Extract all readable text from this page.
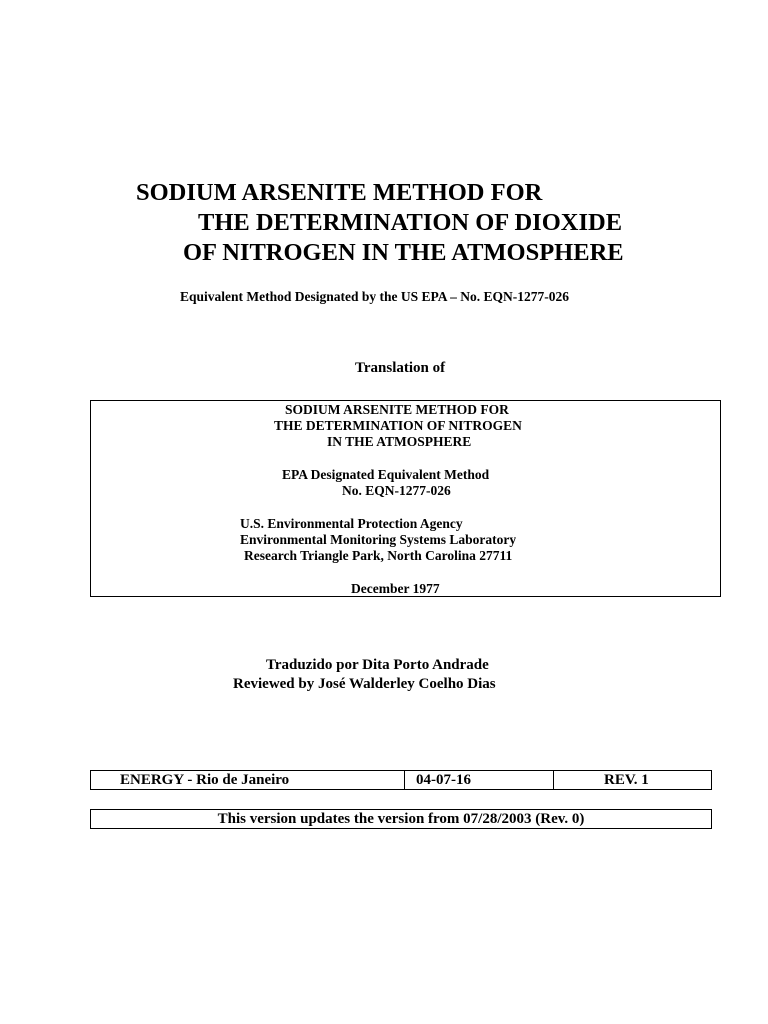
SODIUM ARSENITE METHOD FOR
THE DETERMINATION OF DIOXIDE
OF NITROGEN IN THE ATMOSPHERE
Equivalent Method Designated by the US EPA – No. EQN-1277-026
Translation of
SODIUM ARSENITE METHOD FOR
THE DETERMINATION OF NITROGEN
IN THE ATMOSPHERE
EPA Designated Equivalent Method
No. EQN-1277-026
U.S. Environmental Protection Agency
Environmental Monitoring Systems Laboratory
Research Triangle Park, North Carolina 27711
December 1977
Traduzido por Dita Porto Andrade
Reviewed by José Walderley Coelho Dias
ENERGY - Rio de Janeiro	04-07-16	REV. 1
This version updates the version from 07/28/2003 (Rev. 0)
